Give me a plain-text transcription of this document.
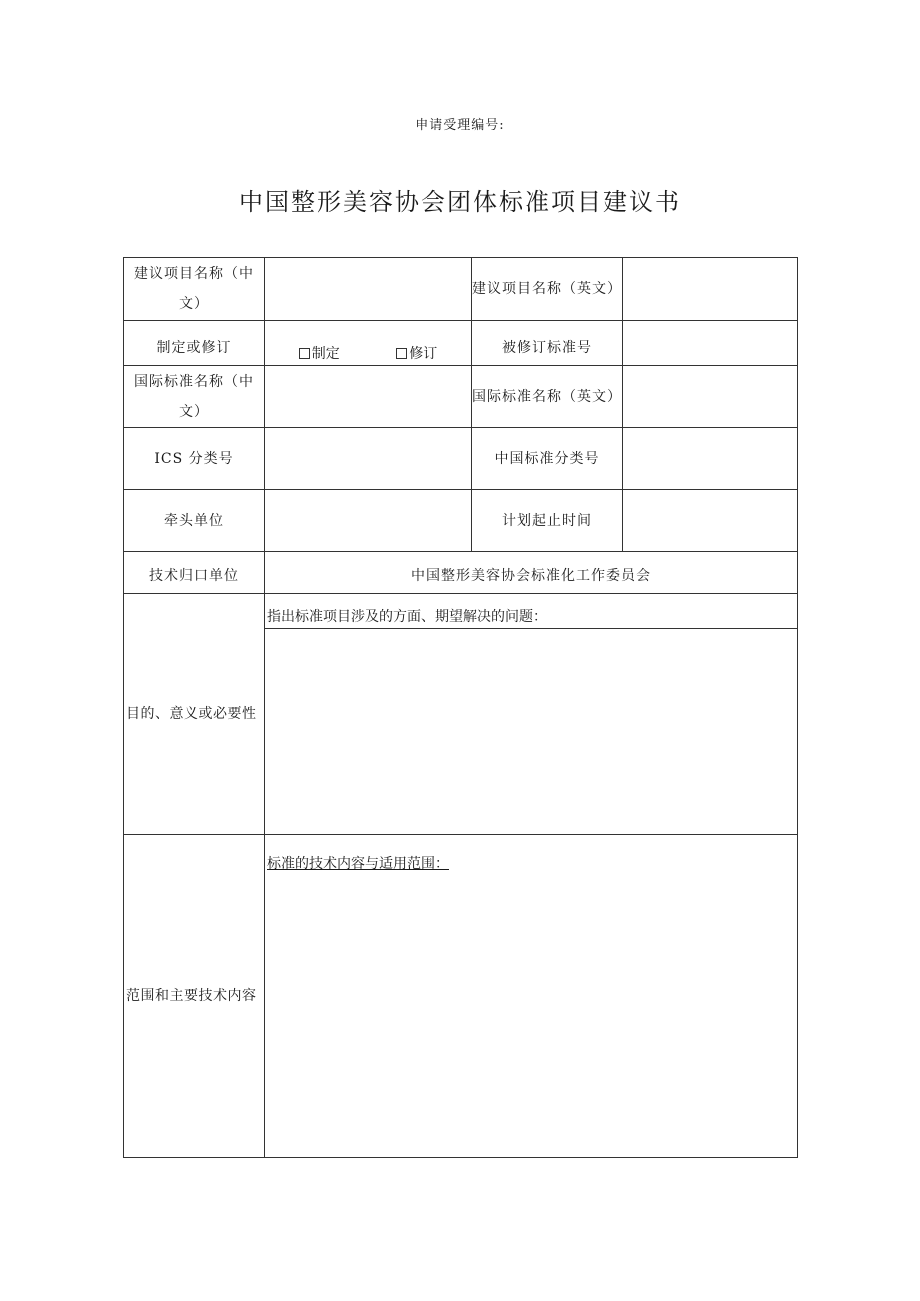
申请受理编号:
中国整形美容协会团体标准项目建议书
建议项目名称（中文）		建议项目名称（英文）	
制定或修订	制定 修订	被修订标准号	
国际标准名称（中文）		国际标准名称（英文）	
ICS 分类号		中国标准分类号	
牵头单位		计划起止时间	
技术归口单位	中国整形美容协会标准化工作委员会		
目的、意义或必要性	指出标准项目涉及的方面、期望解决的问题：		

范围和主要技术内容	标准的技术内容与适用范围：		
